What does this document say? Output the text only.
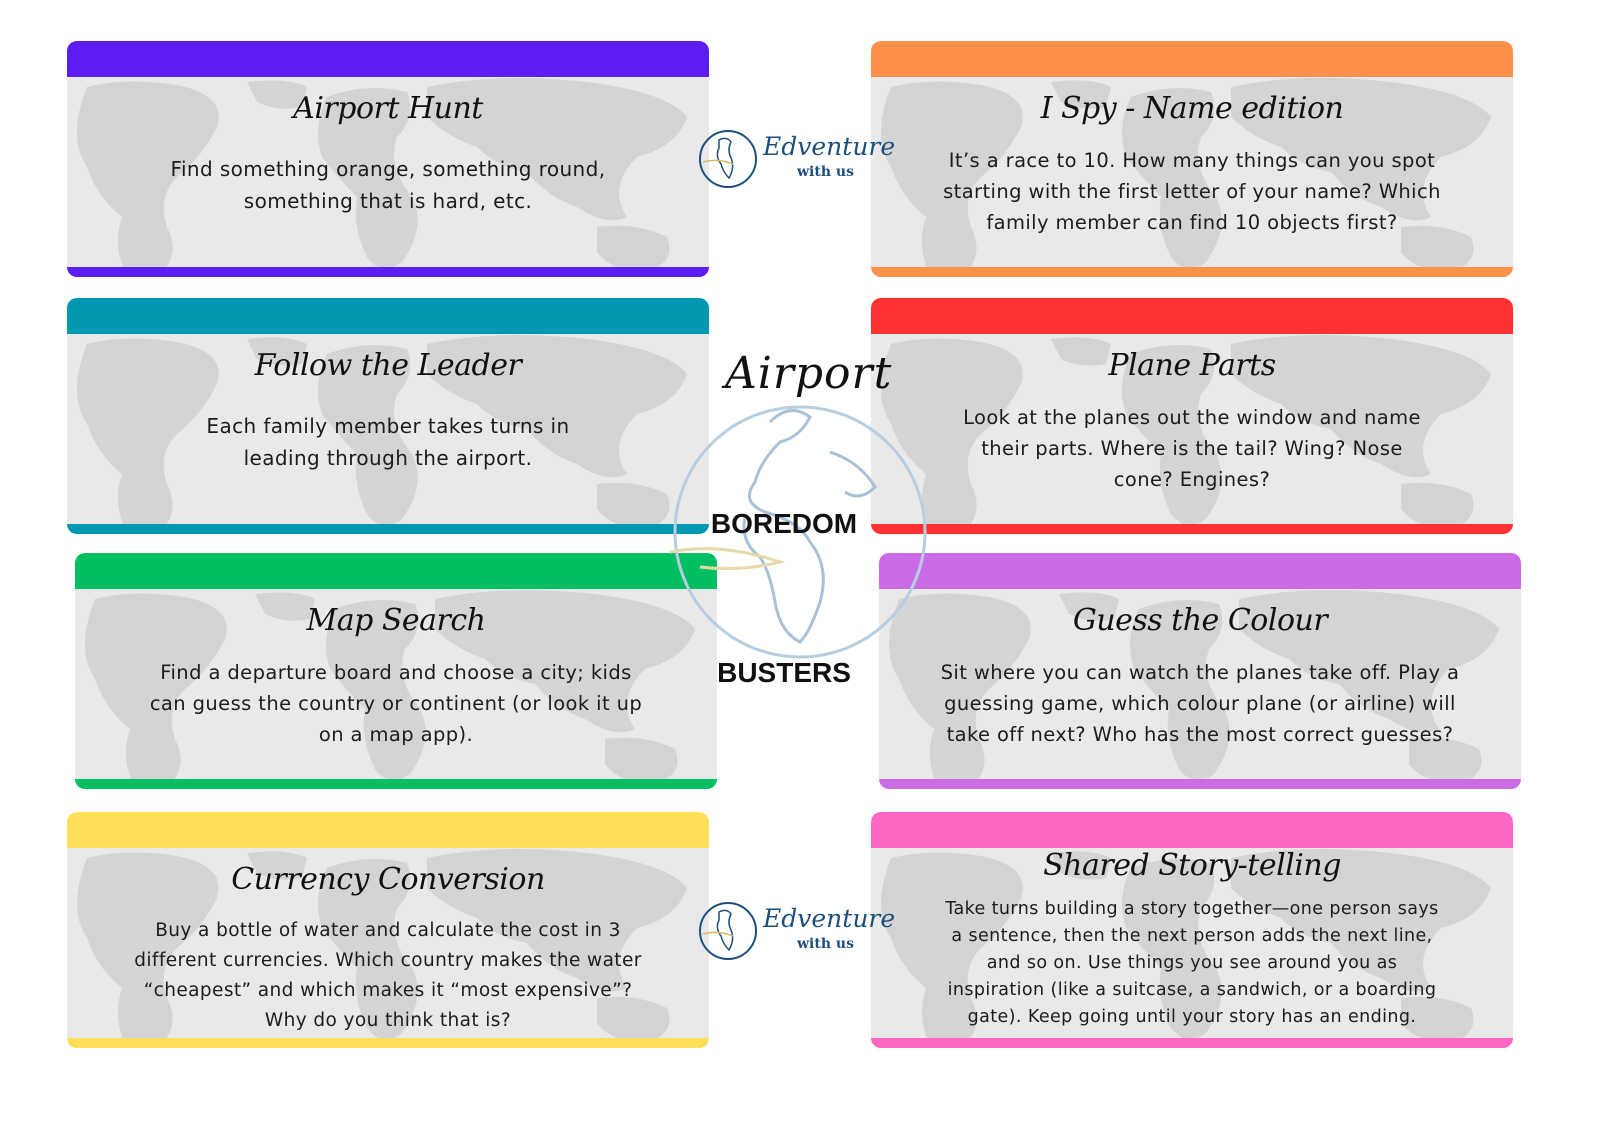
Airport Hunt
Find something orange, something round,
something that is hard, etc.
I Spy - Name edition
It’s a race to 10. How many things can you spot
starting with the first letter of your name? Which
family member can find 10 objects first?
Follow the Leader
Each family member takes turns in
leading through the airport.
Plane Parts
Look at the planes out the window and name
their parts. Where is the tail? Wing? Nose
cone? Engines?
Map Search
Find a departure board and choose a city; kids
can guess the country or continent (or look it up
on a map app).
Guess the Colour
Sit where you can watch the planes take off. Play a
guessing game, which colour plane (or airline) will
take off next? Who has the most correct guesses?
Currency Conversion
Buy a bottle of water and calculate the cost in 3
different currencies. Which country makes the water
“cheapest” and which makes it “most expensive”?
Why do you think that is?
Shared Story-telling
Take turns building a story together—one person says
a sentence, then the next person adds the next line,
and so on. Use things you see around you as
inspiration (like a suitcase, a sandwich, or a boarding
gate). Keep going until your story has an ending.
Airport
BOREDOM
BUSTERS
Edventure
with us
Edventure
with us
